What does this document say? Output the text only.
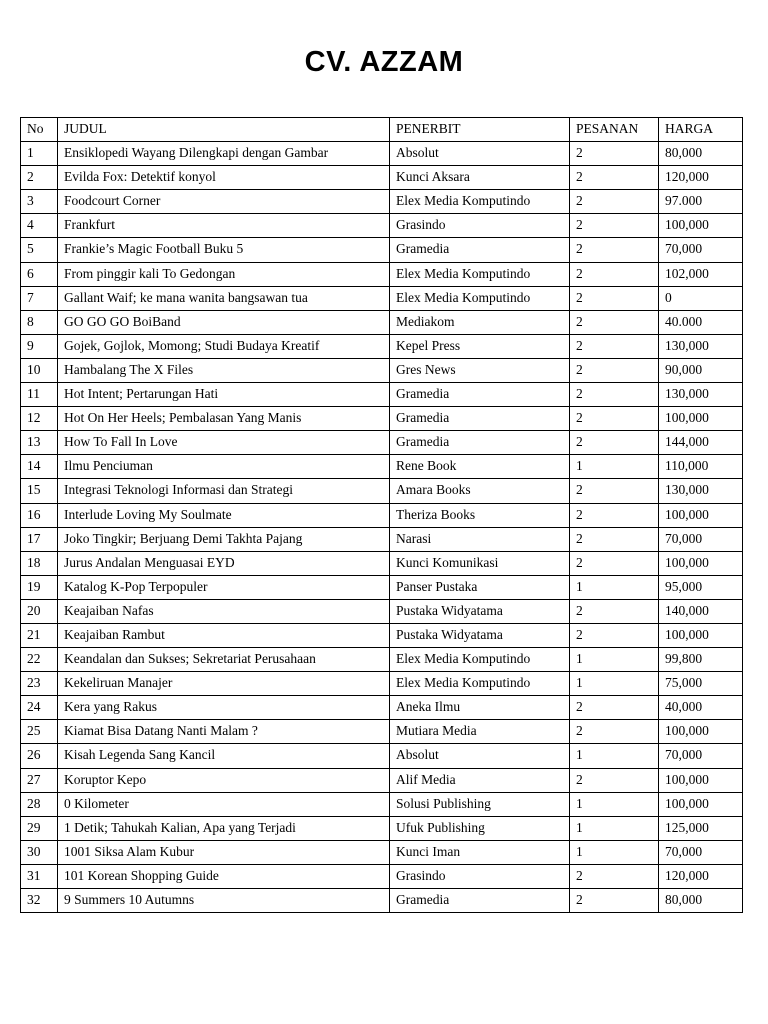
CV. AZZAM
No	JUDUL	PENERBIT	PESANAN	HARGA
1	Ensiklopedi Wayang Dilengkapi dengan Gambar	Absolut	2	80,000
2	Evilda Fox: Detektif konyol	Kunci Aksara	2	120,000
3	Foodcourt Corner	Elex Media Komputindo	2	97.000
4	Frankfurt	Grasindo	2	100,000
5	Frankie’s Magic Football Buku 5	Gramedia	2	70,000
6	From pinggir kali To Gedongan	Elex Media Komputindo	2	102,000
7	Gallant Waif; ke mana wanita bangsawan tua	Elex Media Komputindo	2	0
8	GO GO GO BoiBand	Mediakom	2	40.000
9	Gojek, Gojlok, Momong; Studi Budaya Kreatif	Kepel Press	2	130,000
10	Hambalang The X Files	Gres News	2	90,000
11	Hot Intent; Pertarungan Hati	Gramedia	2	130,000
12	Hot On Her Heels; Pembalasan Yang Manis	Gramedia	2	100,000
13	How To Fall In Love	Gramedia	2	144,000
14	Ilmu Penciuman	Rene Book	1	110,000
15	Integrasi Teknologi Informasi dan Strategi	Amara Books	2	130,000
16	Interlude Loving My Soulmate	Theriza Books	2	100,000
17	Joko Tingkir; Berjuang Demi Takhta Pajang	Narasi	2	70,000
18	Jurus Andalan Menguasai EYD	Kunci Komunikasi	2	100,000
19	Katalog K-Pop Terpopuler	Panser Pustaka	1	95,000
20	Keajaiban Nafas	Pustaka Widyatama	2	140,000
21	Keajaiban Rambut	Pustaka Widyatama	2	100,000
22	Keandalan dan Sukses; Sekretariat Perusahaan	Elex Media Komputindo	1	99,800
23	Kekeliruan Manajer	Elex Media Komputindo	1	75,000
24	Kera yang Rakus	Aneka Ilmu	2	40,000
25	Kiamat Bisa Datang Nanti Malam ?	Mutiara Media	2	100,000
26	Kisah Legenda Sang Kancil	Absolut	1	70,000
27	Koruptor Kepo	Alif Media	2	100,000
28	0 Kilometer	Solusi Publishing	1	100,000
29	1 Detik; Tahukah Kalian, Apa yang Terjadi	Ufuk Publishing	1	125,000
30	1001 Siksa Alam Kubur	Kunci Iman	1	70,000
31	101 Korean Shopping Guide	Grasindo	2	120,000
32	9 Summers 10 Autumns	Gramedia	2	80,000
